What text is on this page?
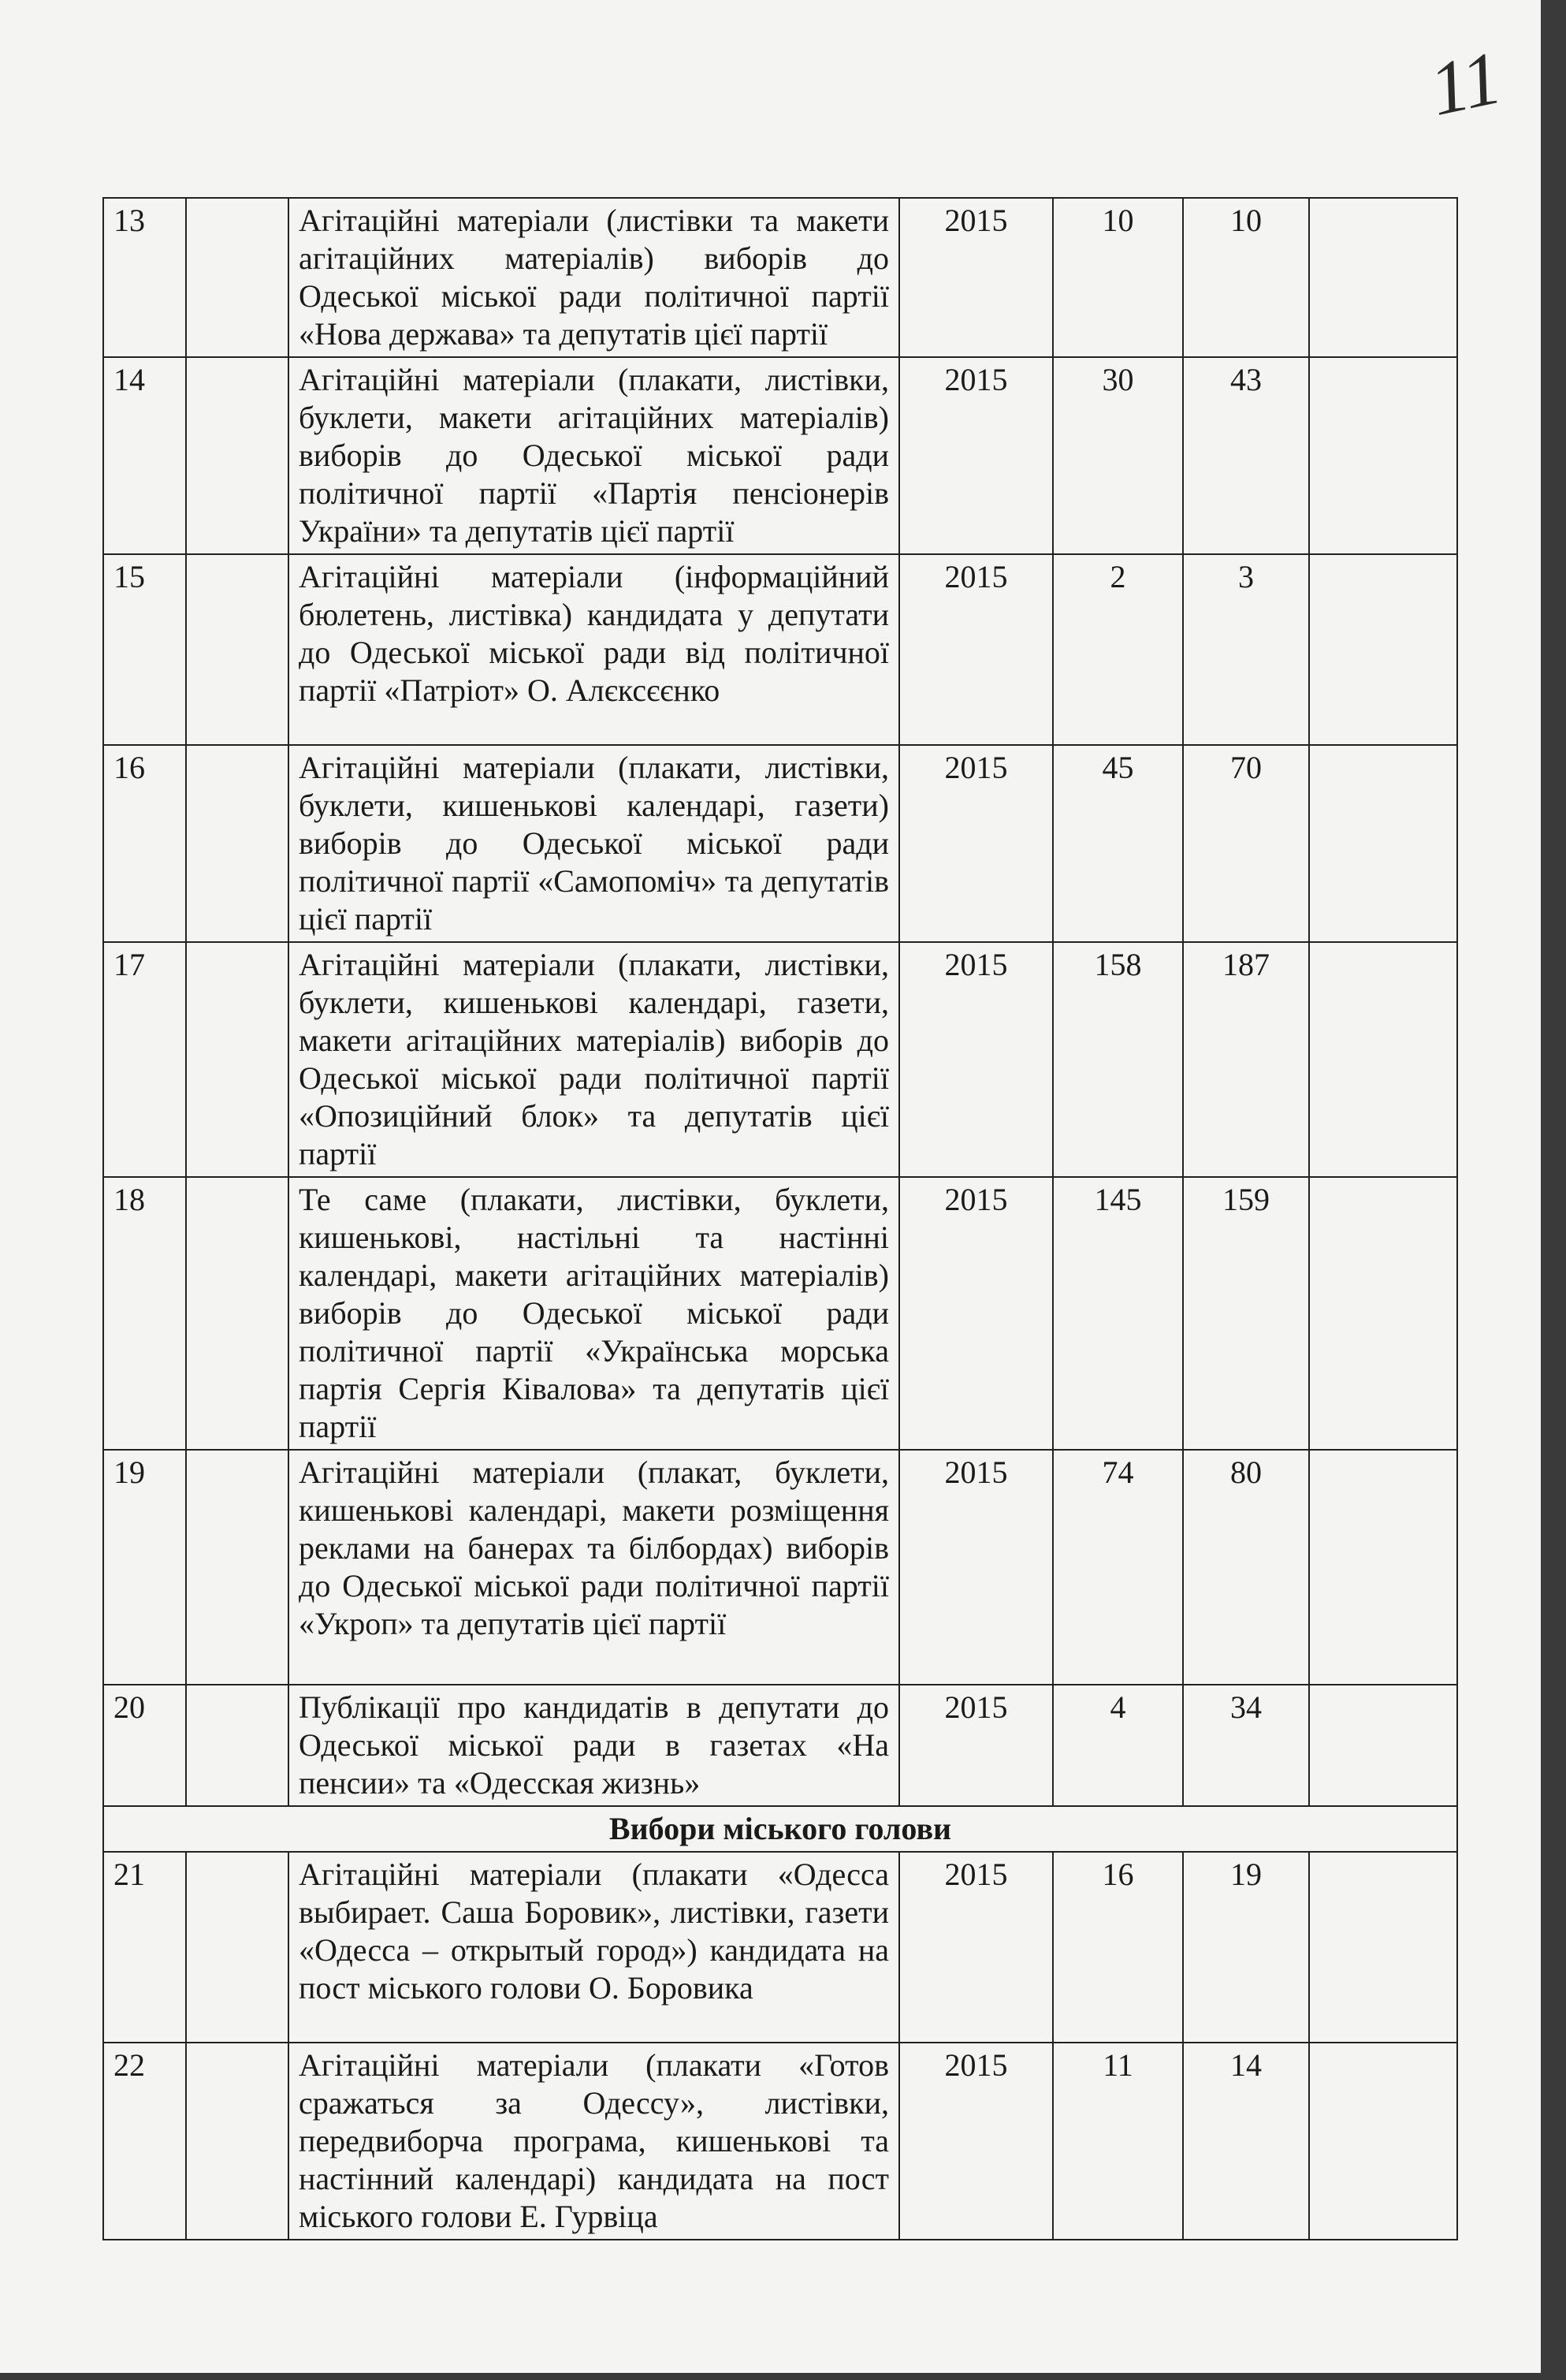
11
13		Агітаційні матеріали (листівки та макети агітаційних матеріалів) виборів до Одеської міської ради політичної партії «Нова держава» та депутатів цієї партії	2015	10	10	
14		Агітаційні матеріали (плакати, листівки, буклети, макети агітаційних матеріалів) виборів до Одеської міської ради політичної партії «Партія пенсіонерів України» та депутатів цієї партії	2015	30	43	
15		Агітаційні матеріали (інформаційний бюлетень, листівка) кандидата у депутати до Одеської міської ради від політичної партії «Патріот» О. Алєксєєнко	2015	2	3	
16		Агітаційні матеріали (плакати, листівки, буклети, кишенькові календарі, газети) виборів до Одеської міської ради політичної партії «Самопоміч» та депутатів цієї партії	2015	45	70	
17		Агітаційні матеріали (плакати, листівки, буклети, кишенькові календарі, газети, макети агітаційних матеріалів) виборів до Одеської міської ради політичної партії «Опозиційний блок» та депутатів цієї партії	2015	158	187	
18		Те саме (плакати, листівки, буклети, кишенькові, настільні та настінні календарі, макети агітаційних матеріалів) виборів до Одеської міської ради політичної партії «Українська морська партія Сергія Ківалова» та депутатів цієї партії	2015	145	159	
19		Агітаційні матеріали (плакат, буклети, кишенькові календарі, макети розміщення реклами на банерах та білбордах) виборів до Одеської міської ради політичної партії «Укроп» та депутатів цієї партії	2015	74	80	
20		Публікації про кандидатів в депутати до Одеської міської ради в газетах «На пенсии» та «Одесская жизнь»	2015	4	34	
Вибори міського голови						
21		Агітаційні матеріали (плакати «Одесса выбирает. Саша Боровик», листівки, газети «Одесса – открытый город») кандидата на пост міського голови О. Боровика	2015	16	19	
22		Агітаційні матеріали (плакати «Готов сражаться за Одессу», листівки, передвиборча програма, кишенькові та настінний календарі) кандидата на пост міського голови Е. Гурвіца	2015	11	14	
